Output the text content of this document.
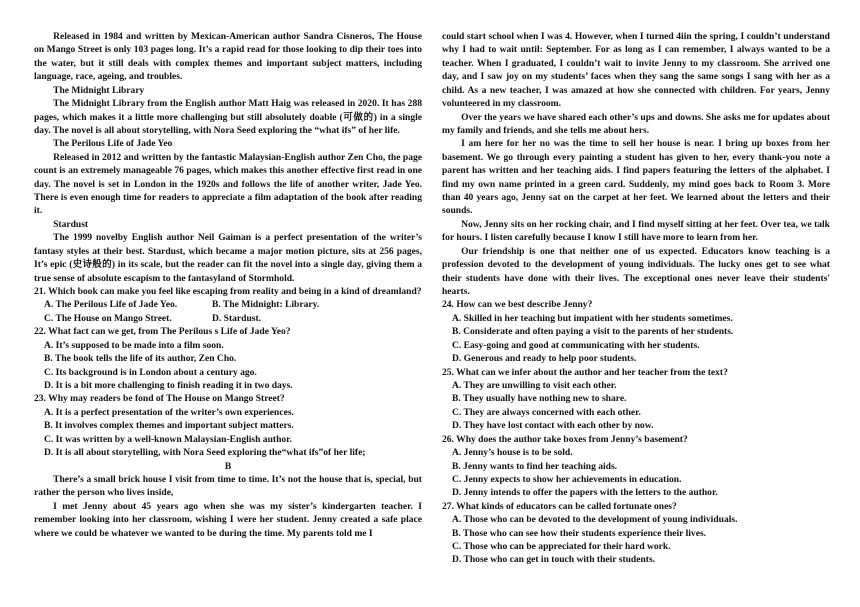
Released in 1984 and written by Mexican-American author Sandra Cisneros, The House on Mango Street is only 103 pages long. It’s a rapid read for those looking to dip their toes into the water, but it still deals with complex themes and important subject matters, including language, race, ageing, and troubles.

The Midnight Library

The Midnight Library from the English author Matt Haig was released in 2020. It has 288 pages, which makes it a little more challenging but still absolutely doable (可做的) in a single day. The novel is all about storytelling, with Nora Seed exploring the “what ifs” of her life.

The Perilous Life of Jade Yeo

Released in 2012 and written by the fantastic Malaysian-English author Zen Cho, the page count is an extremely manageable 76 pages, which makes this another effective first read in one day. The novel is set in London in the 1920s and follows the life of another writer, Jade Yeo. There is even enough time for readers to appreciate a film adaptation of the book after reading it.

Stardust

The 1999 novelby English author Neil Gaiman is a perfect presentation of the writer’s fantasy styles at their best. Stardust, which became a major motion picture, sits at 256 pages, It’s epic (史诗般的) in its scale, but the reader can fit the novel into a single day, giving them a true sense of absolute escapism to the fantasyland of Stormhold.

21. Which book can make you feel like escaping from reality and being in a kind of dreamland?

A. The Perilous Life of Jade Yeo.	B. The Midnight: Library.
C. The House on Mango Street.	D. Stardust.

22. What fact can we get, from The Perilous s Life of Jade Yeo?

A. It’s supposed to be made into a film soon.

B. The book tells the life of its author, Zen Cho.

C. Its background is in London about a century ago.

D. It is a bit more challenging to finish reading it in two days.

23. Why may readers be fond of The House on Mango Street?

A. It is a perfect presentation of the writer’s own experiences.

B. It involves complex themes and important subject matters.

C. It was written by a well-known Malaysian-English author.

D. It is all about storytelling, with Nora Seed exploring the“what ifs”of her life;

B

There’s a small brick house I visit from time to time. It’s not the house that is, special, but rather the person who lives inside,

I met Jenny about 45 years ago when she was my sister’s kindergarten teacher. I remember looking into her classroom, wishing I were her student. Jenny created a safe place where we could be whatever we wanted to be during the time. My parents told me I

could start school when I was 4. However, when I turned 4iin the spring, I couldn’t understand why I had to wait until: September. For as long as I can remember, I always wanted to be a teacher. When I graduated, I couldn’t wait to invite Jenny to my classroom. She arrived one day, and I saw joy on my students’ faces when they sang the same songs I sang with her as a child. As a new teacher, I was amazed at how she connected with children. For years, Jenny volunteered in my classroom.

Over the years we have shared each other’s ups and downs. She asks me for updates about my family and friends, and she tells me about hers.

I am here for her no was the time to sell her house is near. I bring up boxes from her basement. We go through every painting a student has given to her, every thank-you note a parent has written and her teaching aids. I find papers featuring the letters of the alphabet. I find my own name printed in a green card. Suddenly, my mind goes back to Room 3. More than 40 years ago, Jenny sat on the carpet at her feet. We learned about the letters and their sounds.

Now, Jenny sits on her rocking chair, and I find myself sitting at her feet. Over tea, we talk for hours. I listen carefully because I know I still have more to learn from her.

Our friendship is one that neither one of us expected. Educators know teaching is a profession devoted to the development of young individuals. The lucky ones get to see what their students have done with their lives. The exceptional ones never leave their students' hearts.

24. How can we best describe Jenny?

A. Skilled in her teaching but impatient with her students sometimes.

B. Considerate and often paying a visit to the parents of her students.

C. Easy-going and good at communicating with her students.

D. Generous and ready to help poor students.

25. What can we infer about the author and her teacher from the text?

A. They are unwilling to visit each other.

B. They usually have nothing new to share.

C. They are always concerned with each other.

D. They have lost contact with each other by now.

26. Why does the author take boxes from Jenny’s basement?

A. Jenny’s house is to be sold.

B. Jenny wants to find her teaching aids.

C. Jenny expects to show her achievements in education.

D. Jenny intends to offer the papers with the letters to the author.

27. What kinds of educators can be called fortunate ones?

A. Those who can be devoted to the development of young individuals.

B. Those who can see how their students experience their lives.

C. Those who can be appreciated for their hard work.

D. Those who can get in touch with their students.
